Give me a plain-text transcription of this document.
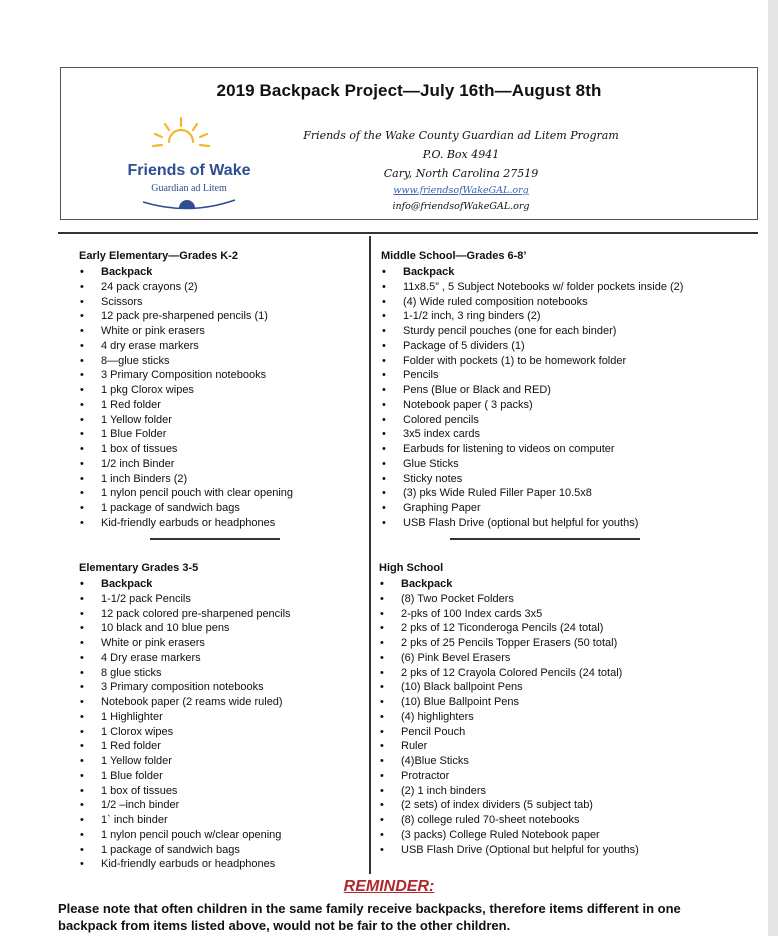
2019 Backpack Project—July 16th—August 8th
Friends of Wake
Guardian ad Litem
Friends of the Wake County Guardian ad Litem Program
P.O. Box 4941
Cary, North Carolina 27519
www.friendsofWakeGAL.org
info@friendsofWakeGAL.org
Early Elementary—Grades K-2
• Backpack
• 24 pack crayons (2)
• Scissors
• 12 pack pre-sharpened pencils (1)
• White or pink erasers
• 4 dry erase markers
• 8—glue sticks
• 3 Primary Composition notebooks
• 1 pkg Clorox wipes
• 1 Red folder
• 1 Yellow folder
• 1 Blue Folder
• 1 box of tissues
• 1/2 inch Binder
• 1 inch Binders (2)
• 1 nylon pencil pouch with clear opening
• 1 package of sandwich bags
• Kid-friendly earbuds or headphones
Middle School—Grades 6-8’
• Backpack
• 11x8.5” , 5 Subject Notebooks w/ folder pockets inside (2)
• (4) Wide ruled composition notebooks
• 1-1/2 inch, 3 ring binders (2)
• Sturdy pencil pouches (one for each binder)
• Package of 5 dividers (1)
• Folder with pockets (1) to be homework folder
• Pencils
• Pens (Blue or Black and RED)
• Notebook paper ( 3 packs)
• Colored pencils
• 3x5 index cards
• Earbuds for listening to videos on computer
• Glue Sticks
• Sticky notes
• (3) pks Wide Ruled Filler Paper 10.5x8
• Graphing Paper
• USB Flash Drive (optional but helpful for youths)
Elementary Grades 3-5
• Backpack
• 1-1/2 pack Pencils
• 12 pack colored pre-sharpened pencils
• 10 black and 10 blue pens
• White or pink erasers
• 4 Dry erase markers
• 8 glue sticks
• 3 Primary composition notebooks
• Notebook paper (2 reams wide ruled)
• 1 Highlighter
• 1 Clorox wipes
• 1 Red folder
• 1 Yellow folder
• 1 Blue folder
• 1 box of tissues
• 1/2 –inch binder
• 1` inch binder
• 1 nylon pencil pouch w/clear opening
• 1 package of sandwich bags
• Kid-friendly earbuds or headphones
High School
• Backpack
• (8) Two Pocket Folders
• 2-pks of 100 Index cards 3x5
• 2 pks of 12 Ticonderoga Pencils (24 total)
• 2 pks of 25 Pencils Topper Erasers (50 total)
• (6) Pink Bevel Erasers
• 2 pks of 12 Crayola Colored Pencils (24 total)
• (10) Black ballpoint Pens
• (10) Blue Ballpoint Pens
• (4) highlighters
• Pencil Pouch
• Ruler
• (4)Blue Sticks
• Protractor
• (2) 1 inch binders
• (2 sets) of index dividers (5 subject tab)
• (8) college ruled 70-sheet notebooks
• (3 packs) College Ruled Notebook paper
• USB Flash Drive (Optional but helpful for youths)
REMINDER:
Please note that often children in the same family receive backpacks, therefore items different in one backpack from items listed above, would not be fair to the other children.
